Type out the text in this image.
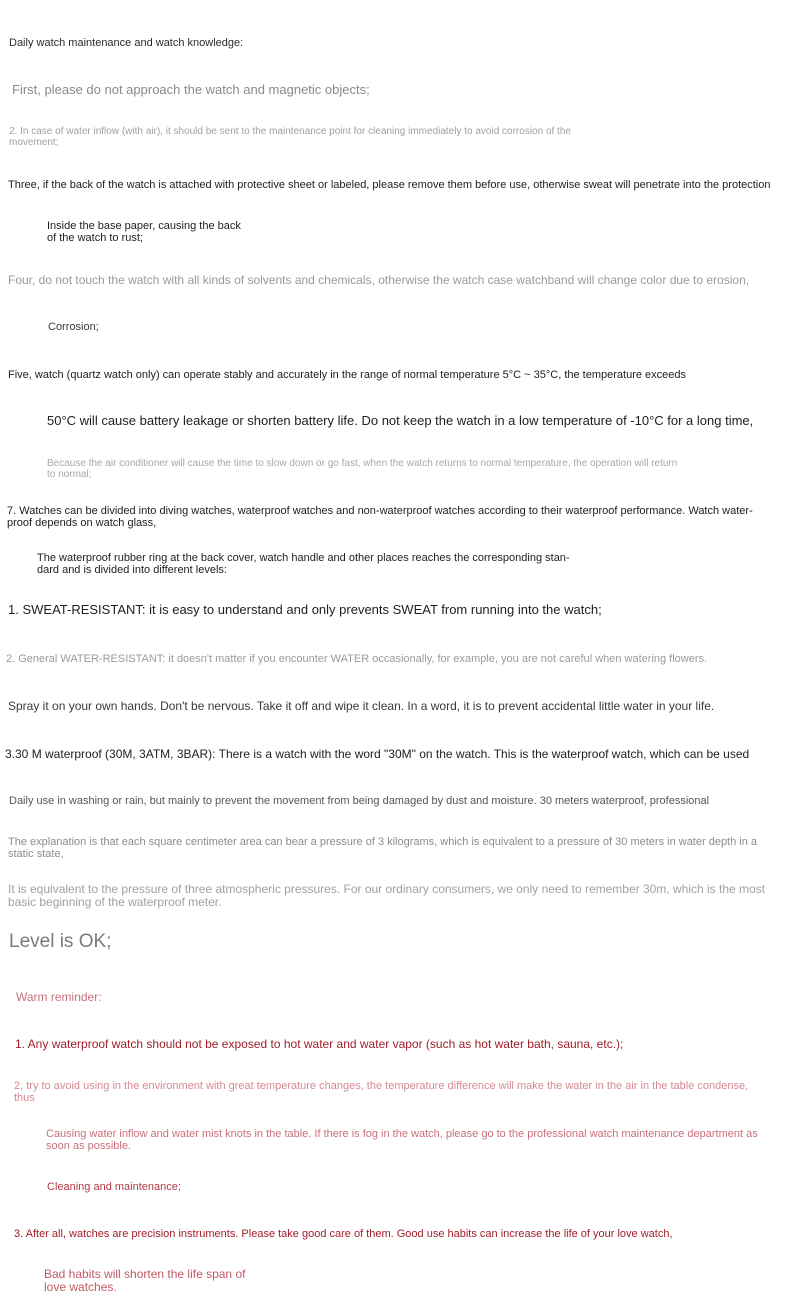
Daily watch maintenance and watch knowledge:

First, please do not approach the watch and magnetic objects;

2. In case of water inflow (with air), it should be sent to the maintenance point for cleaning immediately to avoid corrosion of the movement;

Three, if the back of the watch is attached with protective sheet or labeled, please remove them before use, otherwise sweat will penetrate into the protection

Inside the base paper, causing the back of the watch to rust;

Four, do not touch the watch with all kinds of solvents and chemicals, otherwise the watch case watchband will change color due to erosion,

Corrosion;

Five, watch (quartz watch only) can operate stably and accurately in the range of normal temperature 5°C ~ 35°C, the temperature exceeds

50°C will cause battery leakage or shorten battery life. Do not keep the watch in a low temperature of -10°C for a long time,

Because the air conditioner will cause the time to slow down or go fast, when the watch returns to normal temperature, the operation will return to normal;

7. Watches can be divided into diving watches, waterproof watches and non-waterproof watches according to their waterproof performance. Watch water-proof depends on watch glass,

The waterproof rubber ring at the back cover, watch handle and other places reaches the corresponding stan-dard and is divided into different levels:

1. SWEAT-RESISTANT: it is easy to understand and only prevents SWEAT from running into the watch;

2. General WATER-RESISTANT: it doesn't matter if you encounter WATER occasionally, for example, you are not careful when watering flowers.

Spray it on your own hands. Don't be nervous. Take it off and wipe it clean. In a word, it is to prevent accidental little water in your life.

3.30 M waterproof (30M, 3ATM, 3BAR): There is a watch with the word "30M" on the watch. This is the waterproof watch, which can be used

Daily use in washing or rain, but mainly to prevent the movement from being damaged by dust and moisture. 30 meters waterproof, professional

The explanation is that each square centimeter area can bear a pressure of 3 kilograms, which is equivalent to a pressure of 30 meters in water depth in a static state,

It is equivalent to the pressure of three atmospheric pressures. For our ordinary consumers, we only need to remember 30m, which is the most basic beginning of the waterproof meter.

Level is OK;

Warm reminder:

1. Any waterproof watch should not be exposed to hot water and water vapor (such as hot water bath, sauna, etc.);

2, try to avoid using in the environment with great temperature changes, the temperature difference will make the water in the air in the table condense, thus

Causing water inflow and water mist knots in the table. If there is fog in the watch, please go to the professional watch maintenance department as soon as possible.

Cleaning and maintenance;

3. After all, watches are precision instruments. Please take good care of them. Good use habits can increase the life of your love watch,

Bad habits will shorten the life span of love watches.
